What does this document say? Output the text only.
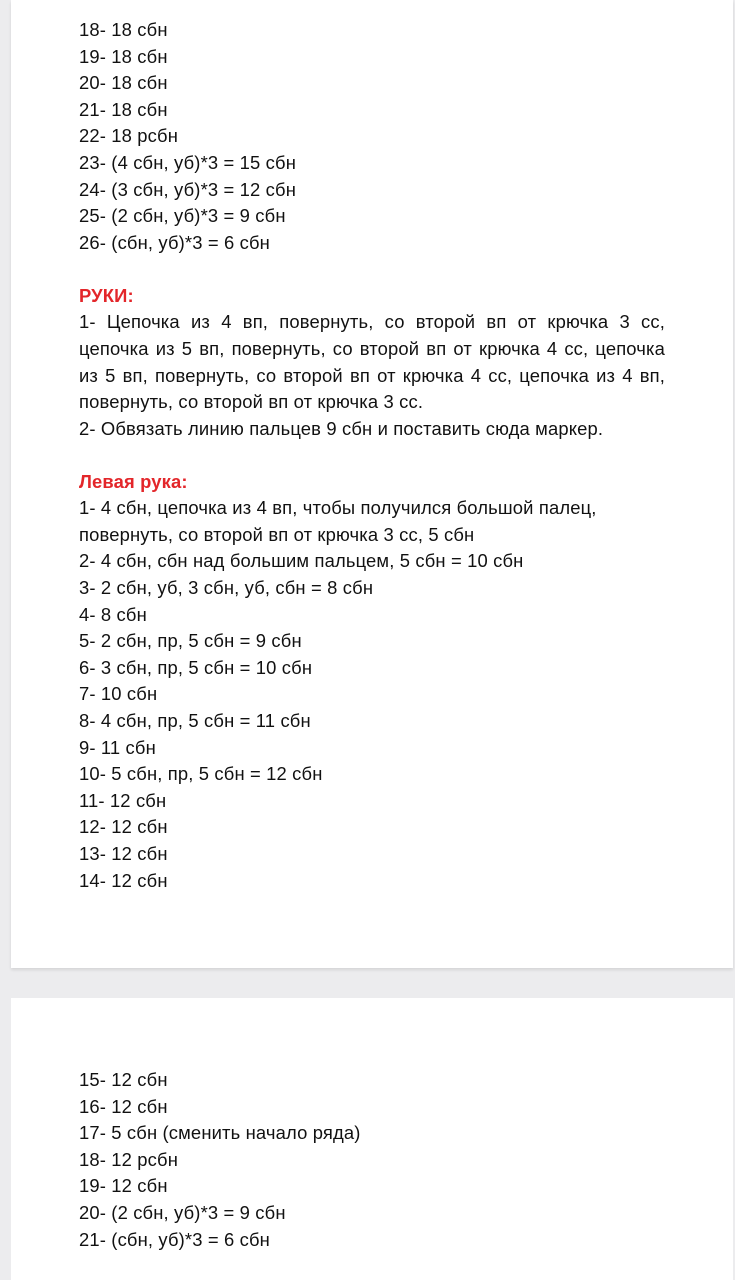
18- 18 сбн
19- 18 сбн
20- 18 сбн
21- 18 сбн
22- 18 рсбн
23- (4 сбн, уб)*3 = 15 сбн
24- (3 сбн, уб)*3 = 12 сбн
25- (2 сбн, уб)*3 = 9 сбн
26- (сбн, уб)*3 = 6 сбн
РУКИ:
1- Цепочка из 4 вп, повернуть, со второй вп от крючка 3 сс, цепочка из 5 вп, повернуть, со второй вп от крючка 4 сс, цепочка из 5 вп, повернуть, со второй вп от крючка 4 сс, цепочка из 4 вп, повернуть, со второй вп от крючка 3 сс.
2- Обвязать линию пальцев 9 сбн и поставить сюда маркер.
Левая рука:
1- 4 сбн, цепочка из 4 вп, чтобы получился большой палец, повернуть, со второй вп от крючка 3 сс, 5 сбн
2- 4 сбн, сбн над большим пальцем, 5 сбн = 10 сбн
3- 2 сбн, уб, 3 сбн, уб, сбн = 8 сбн
4- 8 сбн
5- 2 сбн, пр, 5 сбн = 9 сбн
6- 3 сбн, пр, 5 сбн = 10 сбн
7- 10 сбн
8- 4 сбн, пр, 5 сбн = 11 сбн
9- 11 сбн
10- 5 сбн, пр, 5 сбн = 12 сбн
11- 12 сбн
12- 12 сбн
13- 12 сбн
14- 12 сбн
15- 12 сбн
16- 12 сбн
17- 5 сбн (сменить начало ряда)
18- 12 рсбн
19- 12 сбн
20- (2 сбн, уб)*3 = 9 сбн
21- (сбн, уб)*3 = 6 сбн
